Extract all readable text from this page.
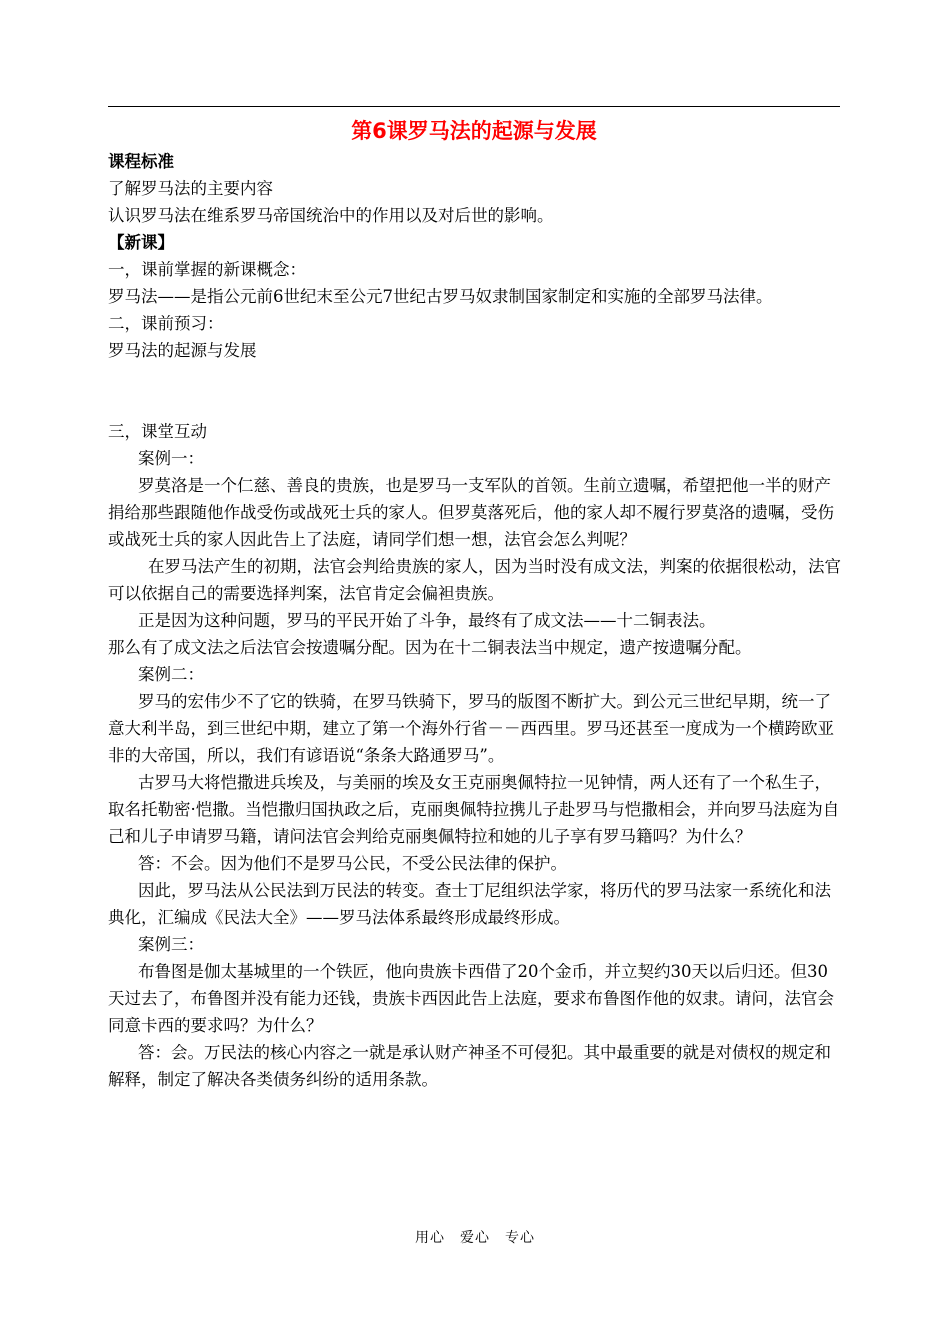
第6课罗马法的起源与发展

课程标准

了解罗马法的主要内容

认识罗马法在维系罗马帝国统治中的作用以及对后世的影响。

【新课】

一，课前掌握的新课概念：

罗马法——是指公元前6世纪末至公元7世纪古罗马奴隶制国家制定和实施的全部罗马法律。

二，课前预习：

罗马法的起源与发展

三，课堂互动

案例一：

罗莫洛是一个仁慈、善良的贵族，也是罗马一支军队的首领。生前立遗嘱，希望把他一半的财产捐给那些跟随他作战受伤或战死士兵的家人。但罗莫落死后，他的家人却不履行罗莫洛的遗嘱，受伤或战死士兵的家人因此告上了法庭，请同学们想一想，法官会怎么判呢？

在罗马法产生的初期，法官会判给贵族的家人，因为当时没有成文法，判案的依据很松动，法官可以依据自己的需要选择判案，法官肯定会偏袒贵族。

正是因为这种问题，罗马的平民开始了斗争，最终有了成文法——十二铜表法。

那么有了成文法之后法官会按遗嘱分配。因为在十二铜表法当中规定，遗产按遗嘱分配。

案例二：

罗马的宏伟少不了它的铁骑，在罗马铁骑下，罗马的版图不断扩大。到公元三世纪早期，统一了意大利半岛，到三世纪中期，建立了第一个海外行省－－西西里。罗马还甚至一度成为一个横跨欧亚非的大帝国，所以，我们有谚语说“条条大路通罗马”。

古罗马大将恺撒进兵埃及，与美丽的埃及女王克丽奥佩特拉一见钟情，两人还有了一个私生子，取名托勒密·恺撒。当恺撒归国执政之后，克丽奥佩特拉携儿子赴罗马与恺撒相会，并向罗马法庭为自己和儿子申请罗马籍，请问法官会判给克丽奥佩特拉和她的儿子享有罗马籍吗？为什么？

答：不会。因为他们不是罗马公民，不受公民法律的保护。

因此，罗马法从公民法到万民法的转变。查士丁尼组织法学家，将历代的罗马法家一系统化和法典化，汇编成《民法大全》——罗马法体系最终形成最终形成。

案例三：

布鲁图是伽太基城里的一个铁匠，他向贵族卡西借了20个金币，并立契约30天以后归还。但30天过去了，布鲁图并没有能力还钱，贵族卡西因此告上法庭，要求布鲁图作他的奴隶。请问，法官会同意卡西的要求吗？为什么？

答：会。万民法的核心内容之一就是承认财产神圣不可侵犯。其中最重要的就是对债权的规定和解释，制定了解决各类债务纠纷的适用条款。

用心　爱心　专心
